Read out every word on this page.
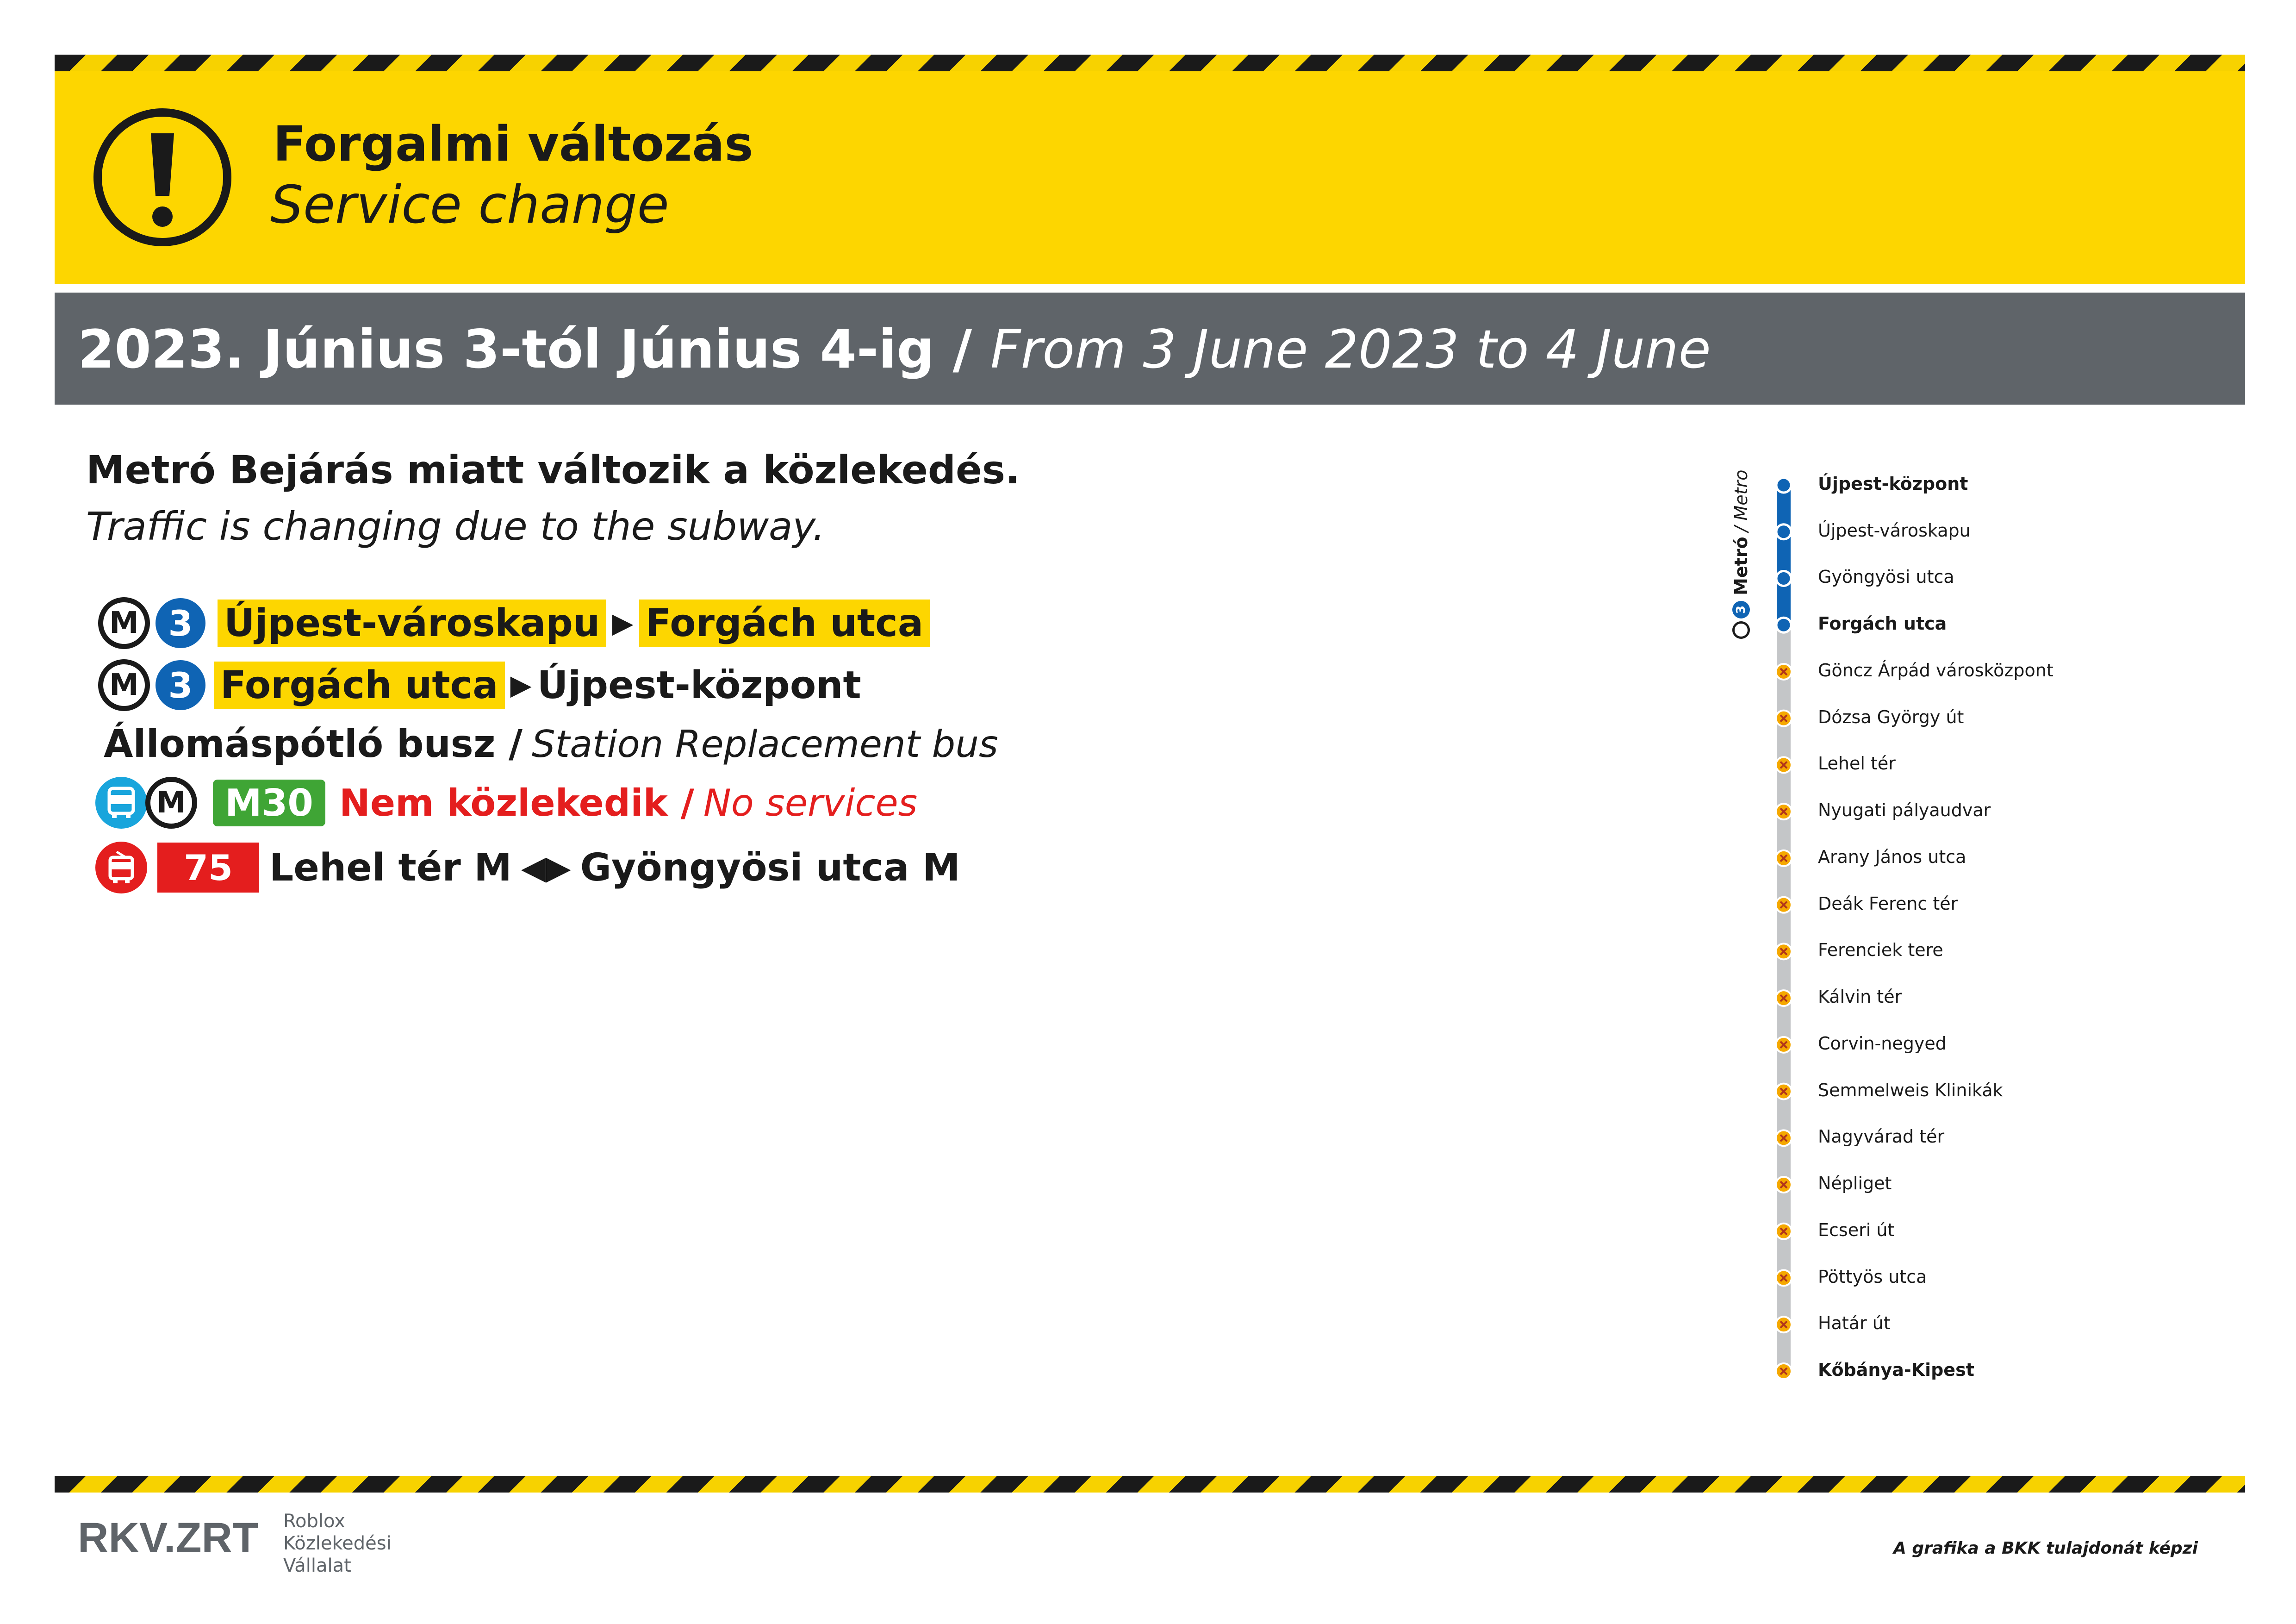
Forgalmi változás
Service change
2023. Június 3-tól Június 4-ig / From 3 June 2023 to 4 June
Metró Bejárás miatt változik a közlekedés.
Traffic is changing due to the subway.
M 3 Újpest-városkapu ▶ Forgách utca
M 3 Forgách utca ▶ Újpest-központ
Állomáspótló busz / Station Replacement bus
M	M30 Nem közlekedik / No services
75 Lehel tér M ◀▶ Gyöngyösi utca M
3
Metró
/ Metro	Újpest-központ
Újpest-városkapu
Gyöngyösi utca
Forgách utca
Göncz Árpád városközpont
Dózsa György út
Lehel tér
Nyugati pályaudvar
Arany János utca
Deák Ferenc tér
Ferenciek tere
Kálvin tér
Corvin-negyed
Semmelweis Klinikák
Nagyvárad tér
Népliget
Ecseri út
Pöttyös utca
Határ út
Kőbánya-Kipest
RKV.ZRT Roblox
Közlekedési
Vállalat
A grafika a BKK tulajdonát képzi
